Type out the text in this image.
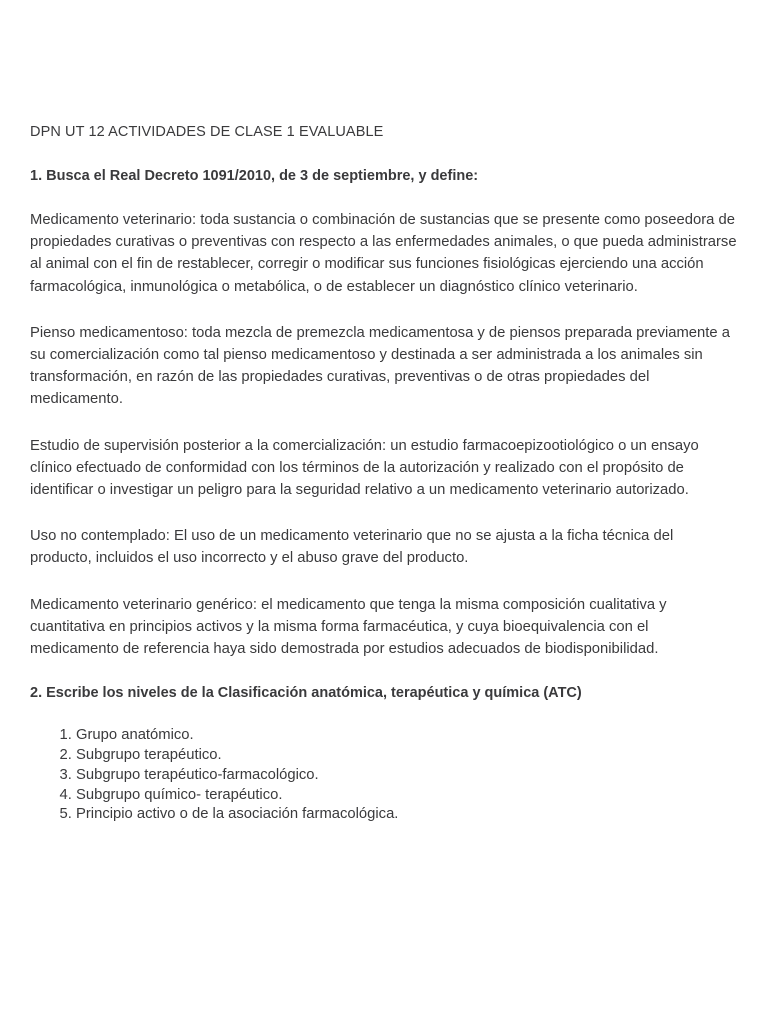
DPN UT 12 ACTIVIDADES DE CLASE 1 EVALUABLE

1. Busca el Real Decreto 1091/2010, de 3 de septiembre, y define:

Medicamento veterinario: toda sustancia o combinación de sustancias que se presente como poseedora de propiedades curativas o preventivas con respecto a las enfermedades animales, o que pueda administrarse al animal con el fin de restablecer, corregir o modificar sus funciones fisiológicas ejerciendo una acción farmacológica, inmunológica o metabólica, o de establecer un diagnóstico clínico veterinario.

Pienso medicamentoso: toda mezcla de premezcla medicamentosa y de piensos preparada previamente a su comercialización como tal pienso medicamentoso y destinada a ser administrada a los animales sin transformación, en razón de las propiedades curativas, preventivas o de otras propiedades del medicamento.

Estudio de supervisión posterior a la comercialización: un estudio farmacoepizootiológico o un ensayo clínico efectuado de conformidad con los términos de la autorización y realizado con el propósito de identificar o investigar un peligro para la seguridad relativo a un medicamento veterinario autorizado.

Uso no contemplado: El uso de un medicamento veterinario que no se ajusta a la ficha técnica del producto, incluidos el uso incorrecto y el abuso grave del producto.

Medicamento veterinario genérico: el medicamento que tenga la misma composición cualitativa y cuantitativa en principios activos y la misma forma farmacéutica, y cuya bioequivalencia con el medicamento de referencia haya sido demostrada por estudios adecuados de biodisponibilidad.

2. Escribe los niveles de la Clasificación anatómica, terapéutica y química (ATC)

1. Grupo anatómico.
2. Subgrupo terapéutico.
3. Subgrupo terapéutico-farmacológico.
4. Subgrupo químico- terapéutico.
5. Principio activo o de la asociación farmacológica.
